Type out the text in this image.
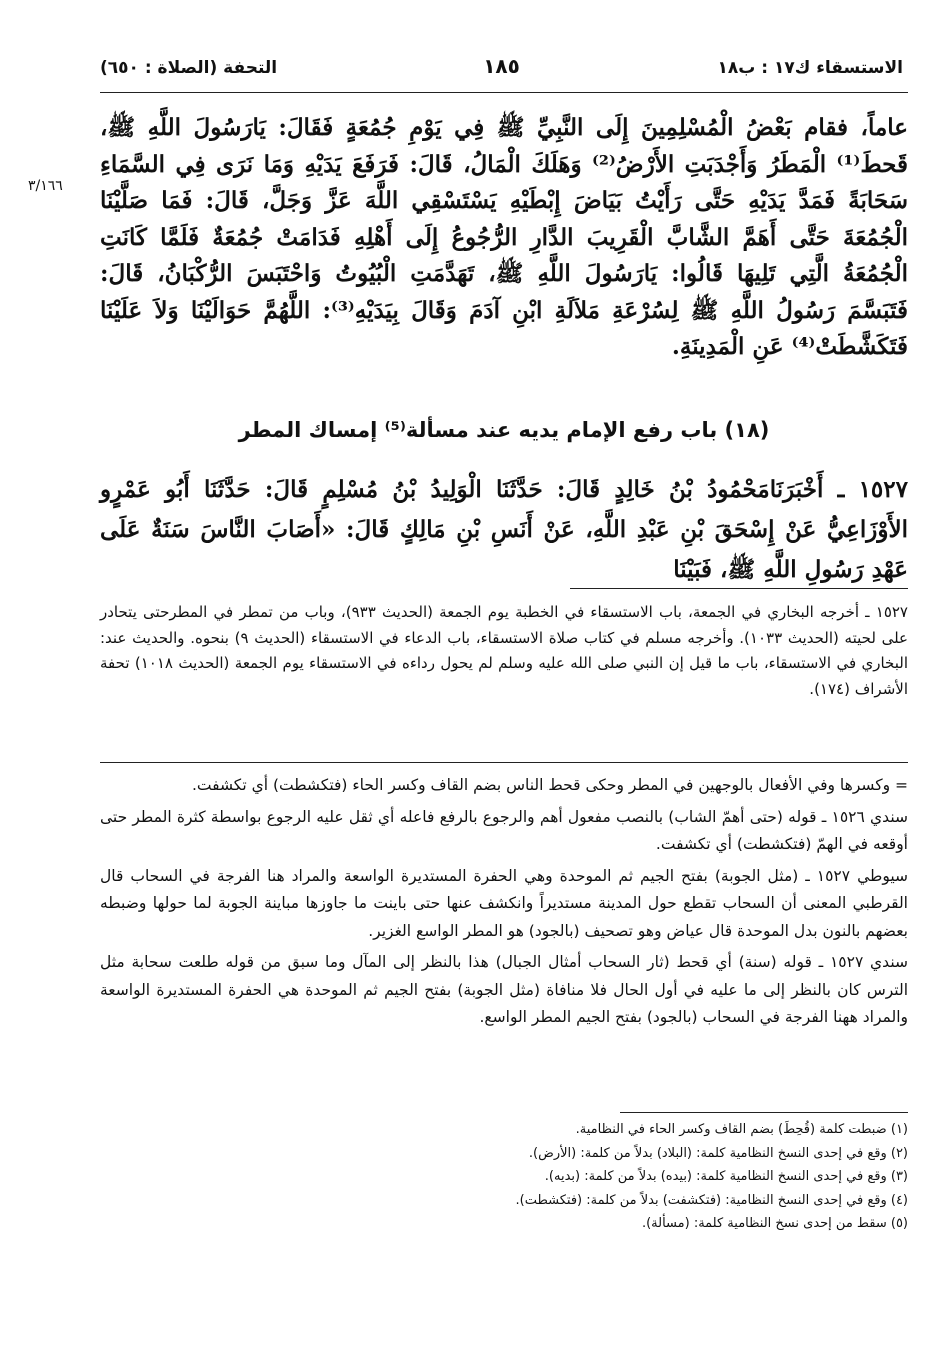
الاستسقاء ك١٧ : ب١٨
١٨٥
التحفة (الصلاة : ٦٥٠)
٣/١٦٦
عاماً، فقام بَعْضُ الْمُسْلِمِينَ إِلَى النَّبِيِّ ﷺ فِي يَوْمِ جُمُعَةٍ فَقَالَ: يَارَسُولَ اللَّهِ ﷺ، قَحطَ⁽¹⁾ الْمَطَرُ وَأَجْدَبَتِ الأَرْضُ⁽²⁾ وَهَلَكَ الْمَالُ، قَالَ: فَرَفَعَ يَدَيْهِ وَمَا نَرَى فِي السَّمَاءِ سَحَابَةً فَمَدَّ يَدَيْهِ حَتَّى رَأَيْتُ بَيَاضَ إِبْطَيْهِ يَسْتَسْقِي اللَّهَ عَزَّ وَجَلَّ، قَالَ: فَمَا صَلَّيْنَا الْجُمُعَةَ حَتَّى أَهَمَّ الشَّابَّ الْقَرِيبَ الدَّارِ الرُّجُوعُ إِلَى أَهْلِهِ فَدَامَتْ جُمُعَةٌ فَلَمَّا كَانَتِ الْجُمُعَةُ الَّتِي تَلِيهَا قَالُوا: يَارَسُولَ اللَّهِ ﷺ، تَهَدَّمَتِ الْبُيُوتُ وَاحْتَبَسَ الرُّكْبَانُ، قَالَ: فَتَبَسَّمَ رَسُولُ اللَّهِ ﷺ لِسُرْعَةِ مَلاَلَةِ ابْنِ آدَمَ وَقَالَ بِيَدَيْهِ⁽³⁾: اللَّهُمَّ حَوَالَيْنَا وَلاَ عَلَيْنَا فَتَكَشَّطَتْ⁽⁴⁾ عَنِ الْمَدِينَةِ.
(١٨) باب رفع الإمام يديه عند مسألة⁽⁵⁾ إمساك المطر
١٥٢٧ ـ أَخْبَرَنَامَحْمُودُ بْنُ خَالِدٍ قَالَ: حَدَّثَنَا الْوَلِيدُ بْنُ مُسْلِمٍ قَالَ: حَدَّثَنَا أَبُو عَمْرٍو الأَوْزَاعِيُّ عَنْ إِسْحَقَ بْنِ عَبْدِ اللَّهِ، عَنْ أَنَسِ بْنِ مَالِكٍ قَالَ: «أَصَابَ النَّاسَ سَنَةٌ عَلَى عَهْدِ رَسُولِ اللَّهِ ﷺ، فَبَيْنَا
١٥٢٧ ـ أخرجه البخاري في الجمعة، باب الاستسقاء في الخطبة يوم الجمعة (الحديث ٩٣٣)، وباب من تمطر في المطرحتى يتحادر على لحيته (الحديث ١٠٣٣). وأخرجه مسلم في كتاب صلاة الاستسقاء، باب الدعاء في الاستسقاء (الحديث ٩) بنحوه. والحديث عند: البخاري في الاستسقاء، باب ما قيل إن النبي صلى الله عليه وسلم لم يحول رداءه في الاستسقاء يوم الجمعة (الحديث ١٠١٨) تحفة الأشراف (١٧٤).

= وكسرها وفي الأفعال بالوجهين في المطر وحكى قحط الناس بضم القاف وكسر الحاء (فتكشطت) أي تكشفت.

سندي ١٥٢٦ ـ قوله (حتى أهمّ الشاب) بالنصب مفعول أهم والرجوع بالرفع فاعله أي ثقل عليه الرجوع بواسطة كثرة المطر حتى أوقعه في الهمّ (فتكشطت) أي تكشفت.

سيوطي ١٥٢٧ ـ (مثل الجوبة) بفتح الجيم ثم الموحدة وهي الحفرة المستديرة الواسعة والمراد هنا الفرجة في السحاب قال القرطبي المعنى أن السحاب تقطع حول المدينة مستديراً وانكشف عنها حتى باينت ما جاوزها مباينة الجوبة لما حولها وضبطه بعضهم بالنون بدل الموحدة قال عياض وهو تصحيف (بالجود) هو المطر الواسع الغزير.

سندي ١٥٢٧ ـ قوله (سنة) أي قحط (ثار السحاب أمثال الجبال) هذا بالنظر إلى المآل وما سبق من قوله طلعت سحابة مثل الترس كان بالنظر إلى ما عليه في أول الحال فلا منافاة (مثل الجوبة) بفتح الجيم ثم الموحدة هي الحفرة المستديرة الواسعة والمراد ههنا الفرجة في السحاب (بالجود) بفتح الجيم المطر الواسع.

(١) ضبطت كلمة (قُحِطَ) بضم القاف وكسر الحاء في النظامية.
(٢) وقع في إحدى النسخ النظامية كلمة: (البلاد) بدلاً من كلمة: (الأرض).
(٣) وقع في إحدى النسخ النظامية كلمة: (بيده) بدلاً من كلمة: (بديه).
(٤) وقع في إحدى النسخ النظامية: (فتكشفت) بدلاً من كلمة: (فتكشطت).
(٥) سقط من إحدى نسخ النظامية كلمة: (مسألة).
